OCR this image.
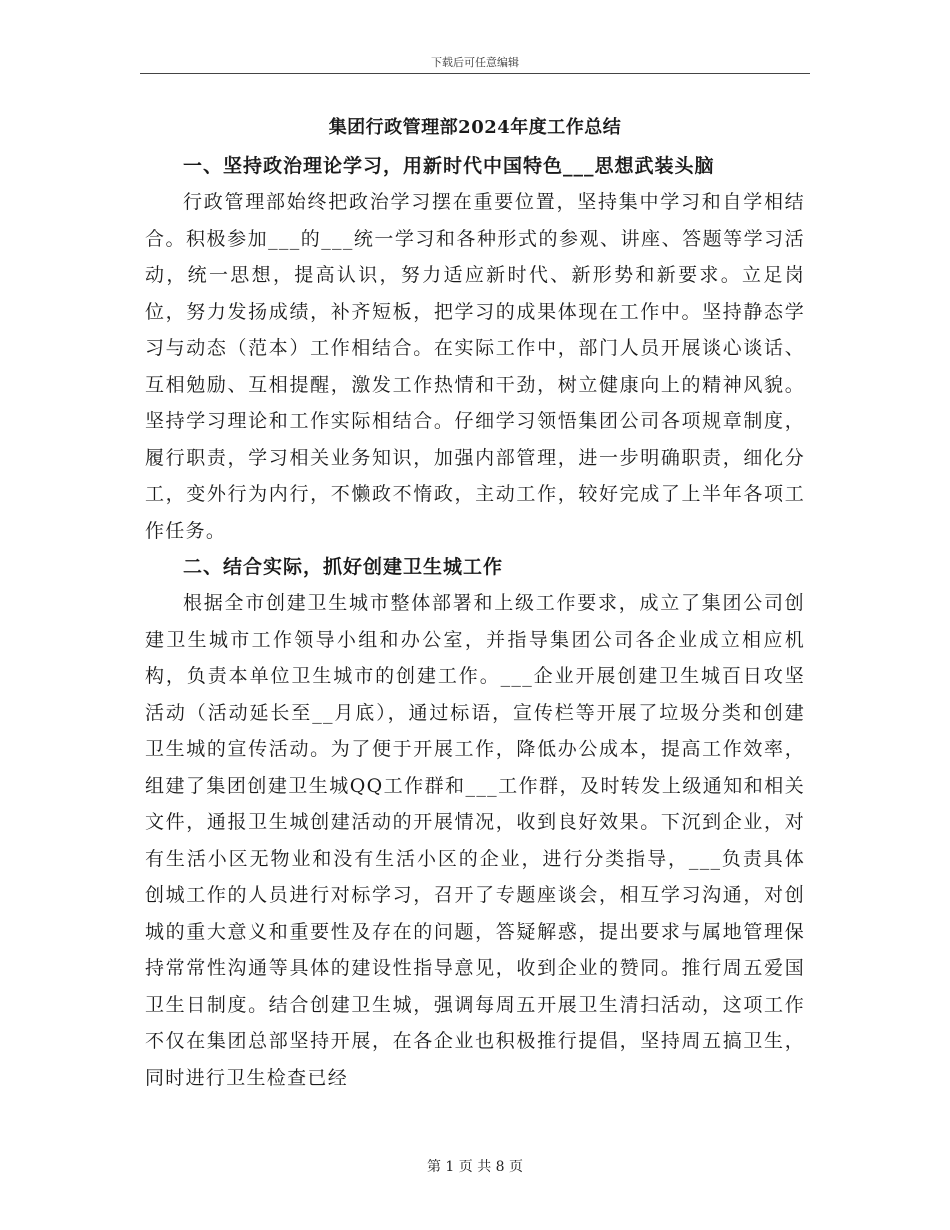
下载后可任意编辑
集团行政管理部2024年度工作总结
一、坚持政治理论学习，用新时代中国特色___思想武装头脑

行政管理部始终把政治学习摆在重要位置，坚持集中学习和自学相结合。积极参加___的___统一学习和各种形式的参观、讲座、答题等学习活动，统一思想，提高认识，努力适应新时代、新形势和新要求。立足岗位，努力发扬成绩，补齐短板，把学习的成果体现在工作中。坚持静态学习与动态（范本）工作相结合。在实际工作中，部门人员开展谈心谈话、互相勉励、互相提醒，激发工作热情和干劲，树立健康向上的精神风貌。坚持学习理论和工作实际相结合。仔细学习领悟集团公司各项规章制度，履行职责，学习相关业务知识，加强内部管理，进一步明确职责，细化分工，变外行为内行，不懒政不惰政，主动工作，较好完成了上半年各项工作任务。

二、结合实际，抓好创建卫生城工作

根据全市创建卫生城市整体部署和上级工作要求，成立了集团公司创建卫生城市工作领导小组和办公室，并指导集团公司各企业成立相应机构，负责本单位卫生城市的创建工作。___企业开展创建卫生城百日攻坚活动（活动延长至__月底），通过标语，宣传栏等开展了垃圾分类和创建卫生城的宣传活动。为了便于开展工作，降低办公成本，提高工作效率，组建了集团创建卫生城QQ工作群和___工作群，及时转发上级通知和相关文件，通报卫生城创建活动的开展情况，收到良好效果。下沉到企业，对有生活小区无物业和没有生活小区的企业，进行分类指导，___负责具体创城工作的人员进行对标学习，召开了专题座谈会，相互学习沟通，对创城的重大意义和重要性及存在的问题，答疑解惑，提出要求与属地管理保持常常性沟通等具体的建设性指导意见，收到企业的赞同。推行周五爱国卫生日制度。结合创建卫生城，强调每周五开展卫生清扫活动，这项工作不仅在集团总部坚持开展，在各企业也积极推行提倡，坚持周五搞卫生，同时进行卫生检查已经

第 1 页 共 8 页
